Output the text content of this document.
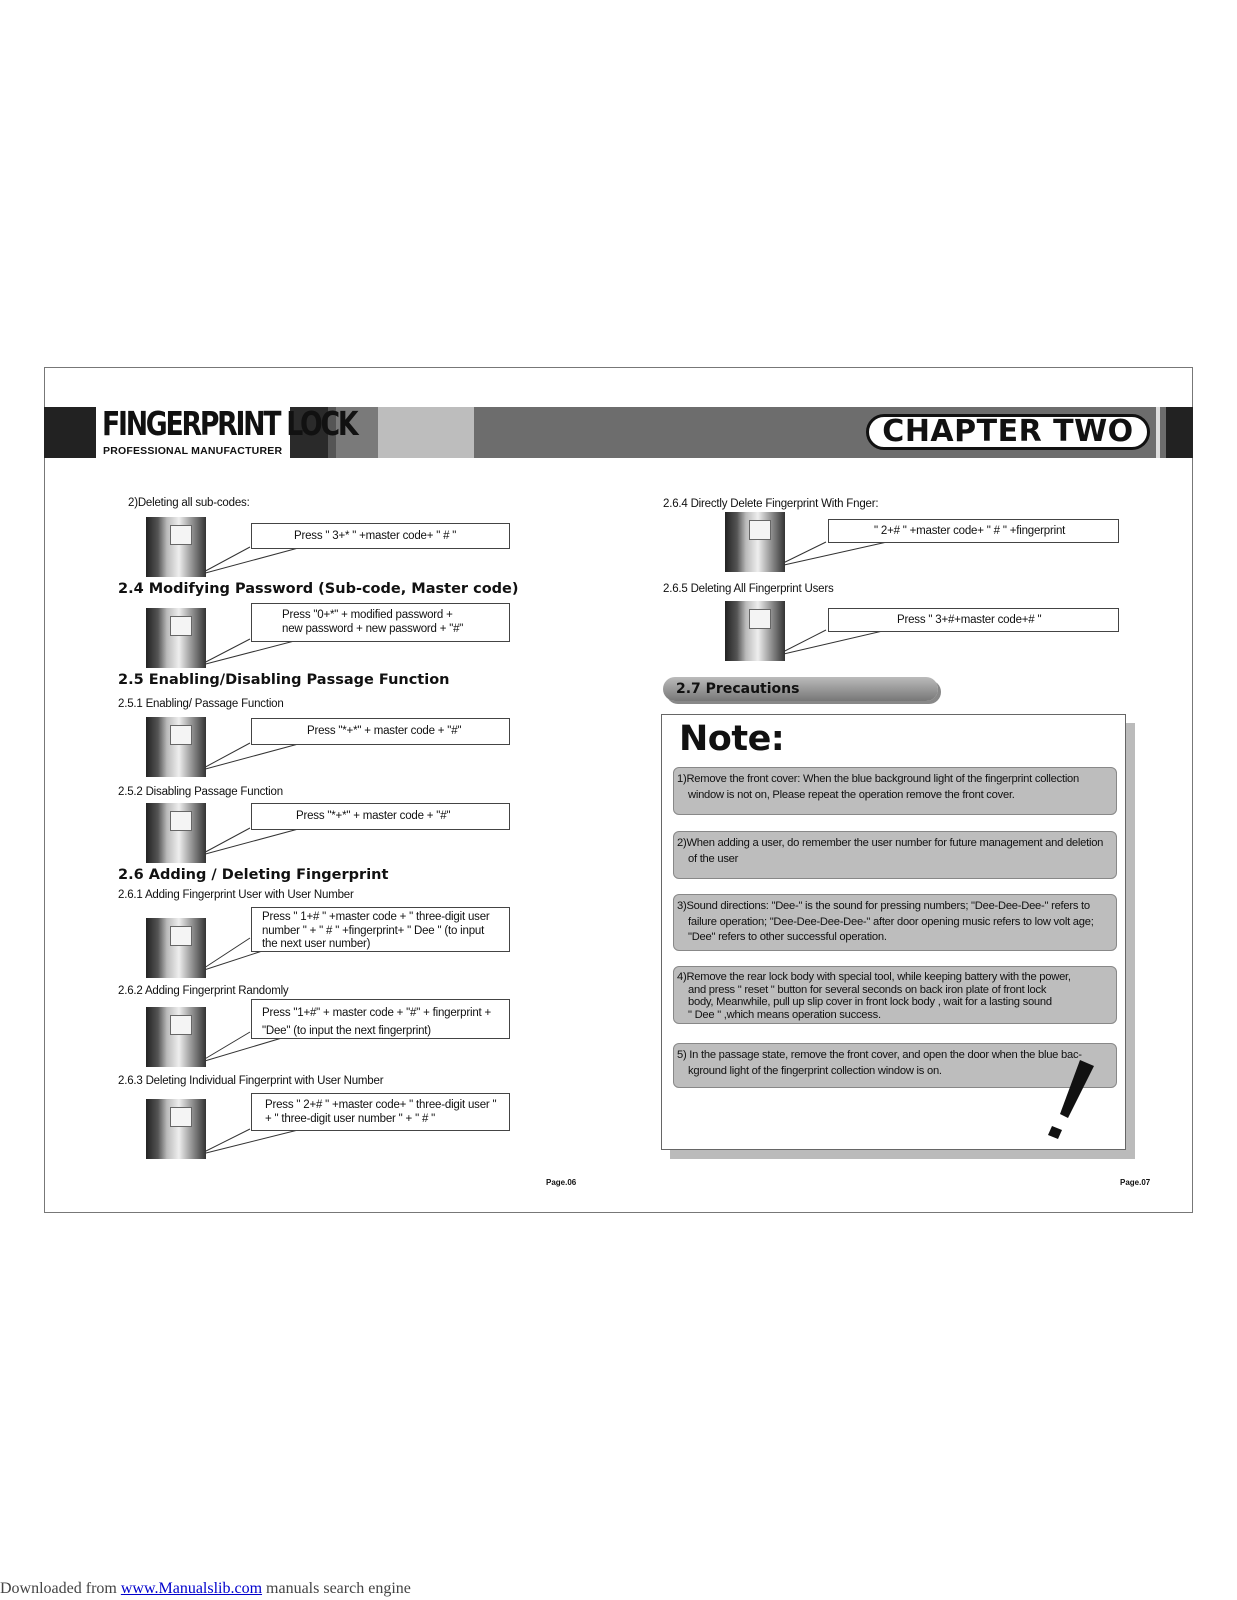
FINGERPRINT LOCK
PROFESSIONAL MANUFACTURER
CHAPTER TWO
2)Deleting all sub-codes:
Press " 3+* " +master code+ " # "
2.4 Modifying Password (Sub-code, Master code)
Press "0+*" + modified password +
new password + new password + "#"
2.5 Enabling/Disabling Passage Function
2.5.1 Enabling/ Passage Function
Press "*+*" + master code + "#"
2.5.2 Disabling Passage Function
Press "*+*" + master code + "#"
2.6 Adding / Deleting Fingerprint
2.6.1 Adding Fingerprint User with User Number
Press " 1+# " +master code + " three-digit user
number " + " # " +fingerprint+ " Dee " (to input
the next user number)
2.6.2 Adding Fingerprint Randomly
Press "1+#" + master code + "#" + fingerprint +
"Dee" (to input the next fingerprint)
2.6.3 Deleting Individual Fingerprint with User Number
Press " 2+# " +master code+ " three-digit user "
+ " three-digit user number " + " # "
Page.06
2.6.4 Directly Delete Fingerprint With Fnger:
" 2+# " +master code+ " # " +fingerprint
2.6.5 Deleting All Fingerprint Users
Press " 3+#+master code+# "
2.7 Precautions
Note:
1)Remove the front cover: When the blue background light of the fingerprint collection
window is not on, Please repeat the operation remove the front cover.
2)When adding a user, do remember the user number for future management and deletion
of the user
3)Sound directions: "Dee-" is the sound for pressing numbers; "Dee-Dee-Dee-" refers to
failure operation; "Dee-Dee-Dee-Dee-" after door opening music refers to low volt age;
"Dee" refers to other successful operation.
4)Remove the rear lock body with special tool, while keeping battery with the power,
and press " reset " button for several seconds on back iron plate of front lock
body, Meanwhile, pull up slip cover in front lock body , wait for a lasting sound
" Dee " ,which means operation success.
5) In the passage state, remove the front cover, and open the door when the blue bac-
kground light of the fingerprint collection window is on.
Page.07
Downloaded from www.Manualslib.com manuals search engine
